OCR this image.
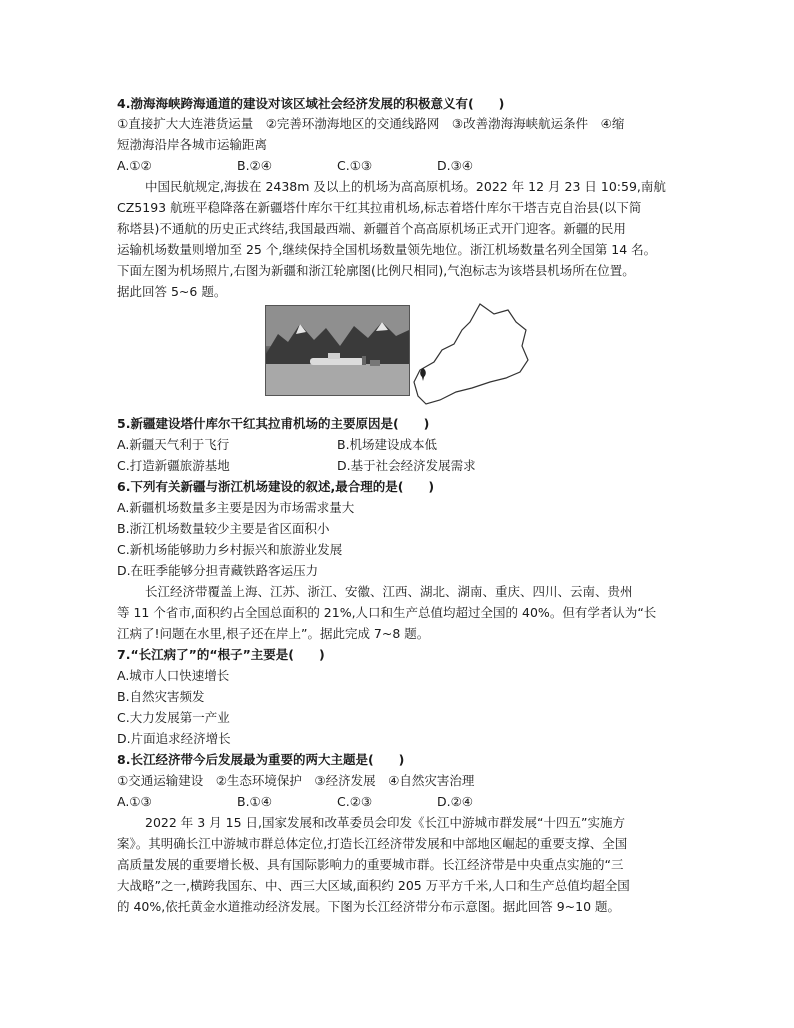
4.渤海海峡跨海通道的建设对该区域社会经济发展的积极意义有(　　)
①直接扩大大连港货运量　②完善环渤海地区的交通线路网　③改善渤海海峡航运条件　④缩
短渤海沿岸各城市运输距离
A.①②	B.②④	C.①③	D.③④
中国民航规定,海拔在 2438m 及以上的机场为高高原机场。2022 年 12 月 23 日 10:59,南航
CZ5193 航班平稳降落在新疆塔什库尔干红其拉甫机场,标志着塔什库尔干塔吉克自治县(以下简
称塔县)不通航的历史正式终结,我国最西端、新疆首个高高原机场正式开门迎客。新疆的民用
运输机场数量则增加至 25 个,继续保持全国机场数量领先地位。浙江机场数量名列全国第 14 名。
下面左图为机场照片,右图为新疆和浙江轮廓图(比例尺相同),气泡标志为该塔县机场所在位置。
据此回答 5~6 题。
5.新疆建设塔什库尔干红其拉甫机场的主要原因是(　　)
A.新疆天气利于飞行	B.机场建设成本低
C.打造新疆旅游基地	D.基于社会经济发展需求
6.下列有关新疆与浙江机场建设的叙述,最合理的是(　　)
A.新疆机场数量多主要是因为市场需求量大
B.浙江机场数量较少主要是省区面积小
C.新机场能够助力乡村振兴和旅游业发展
D.在旺季能够分担青藏铁路客运压力
长江经济带覆盖上海、江苏、浙江、安徽、江西、湖北、湖南、重庆、四川、云南、贵州
等 11 个省市,面积约占全国总面积的 21%,人口和生产总值均超过全国的 40%。但有学者认为“长
江病了!问题在水里,根子还在岸上”。据此完成 7~8 题。
7.“长江病了”的“根子”主要是(　　)
A.城市人口快速增长
B.自然灾害频发
C.大力发展第一产业
D.片面追求经济增长
8.长江经济带今后发展最为重要的两大主题是(　　)
①交通运输建设　②生态环境保护　③经济发展　④自然灾害治理
A.①③	B.①④	C.②③	D.②④
2022 年 3 月 15 日,国家发展和改革委员会印发《长江中游城市群发展“十四五”实施方
案》。其明确长江中游城市群总体定位,打造长江经济带发展和中部地区崛起的重要支撑、全国
高质量发展的重要增长极、具有国际影响力的重要城市群。长江经济带是中央重点实施的“三
大战略”之一,横跨我国东、中、西三大区域,面积约 205 万平方千米,人口和生产总值均超全国
的 40%,依托黄金水道推动经济发展。下图为长江经济带分布示意图。据此回答 9~10 题。
